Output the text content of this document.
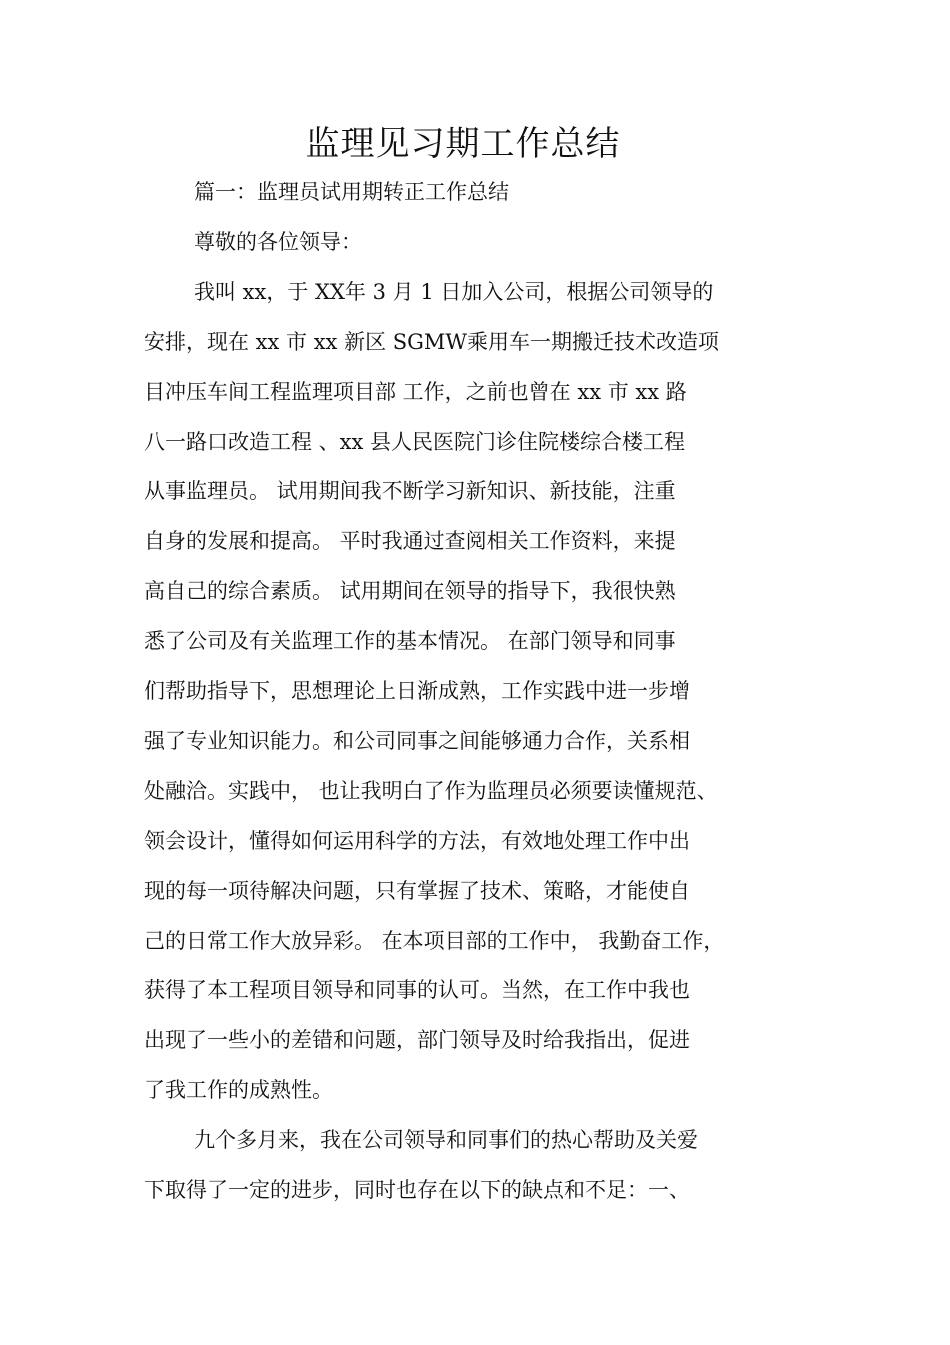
监理见习期工作总结
篇一：监理员试用期转正工作总结
尊敬的各位领导：
我叫 xx，于 XX年 3 月 1 日加入公司，根据公司领导的
安排，现在 xx 市 xx 新区 SGMW乘用车一期搬迁技术改造项
目冲压车间工程监理项目部 工作，之前也曾在 xx 市 xx 路
八一路口改造工程 、xx 县人民医院门诊住院楼综合楼工程
从事监理员。 试用期间我不断学习新知识、新技能，注重
自身的发展和提高。 平时我通过查阅相关工作资料，来提
高自己的综合素质。 试用期间在领导的指导下，我很快熟
悉了公司及有关监理工作的基本情况。 在部门领导和同事
们帮助指导下，思想理论上日渐成熟，工作实践中进一步增
强了专业知识能力。和公司同事之间能够通力合作，关系相
处融洽。实践中， 也让我明白了作为监理员必须要读懂规范、
领会设计，懂得如何运用科学的方法，有效地处理工作中出
现的每一项待解决问题，只有掌握了技术、策略，才能使自
己的日常工作大放异彩。 在本项目部的工作中， 我勤奋工作，
获得了本工程项目领导和同事的认可。当然，在工作中我也
出现了一些小的差错和问题，部门领导及时给我指出，促进
了我工作的成熟性。
九个多月来，我在公司领导和同事们的热心帮助及关爱
下取得了一定的进步，同时也存在以下的缺点和不足：一、
